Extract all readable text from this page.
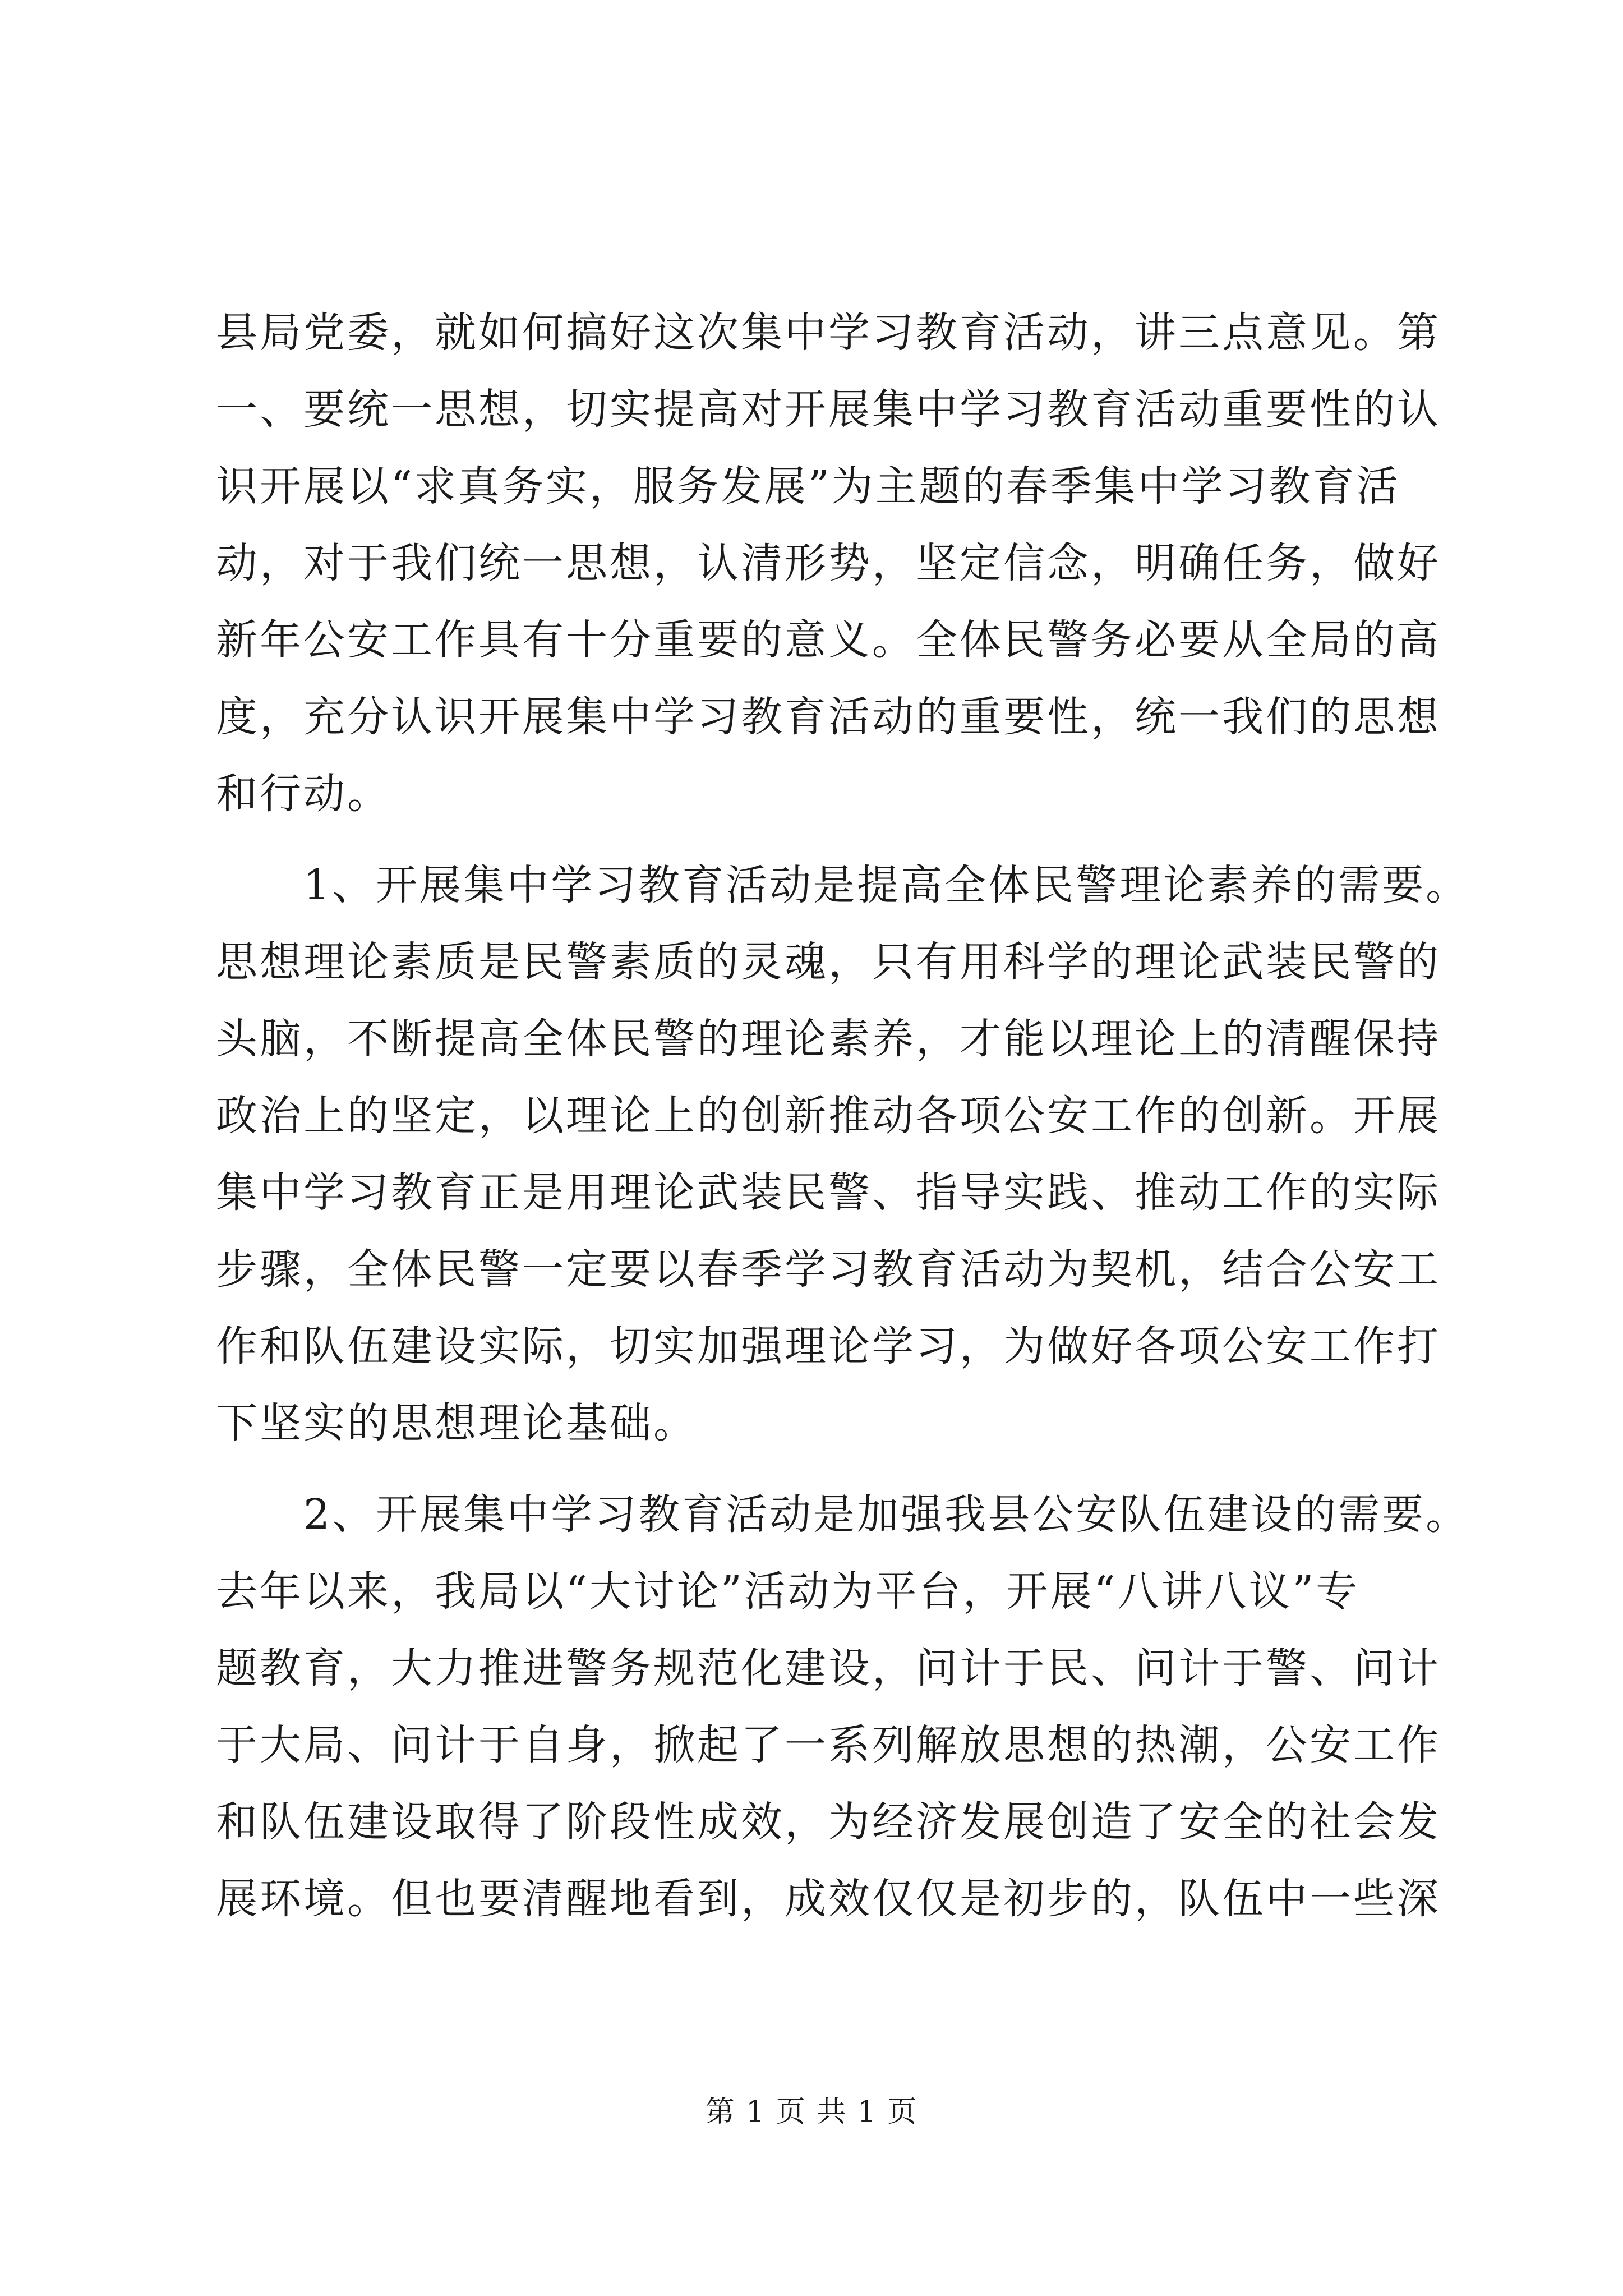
县局党委，就如何搞好这次集中学习教育活动，讲三点意见。第
一、要统一思想，切实提高对开展集中学习教育活动重要性的认
识开展以“求真务实，服务发展”为主题的春季集中学习教育活
动，对于我们统一思想，认清形势，坚定信念，明确任务，做好
新年公安工作具有十分重要的意义。全体民警务必要从全局的高
度，充分认识开展集中学习教育活动的重要性，统一我们的思想
和行动。
　　1、开展集中学习教育活动是提高全体民警理论素养的需要。
思想理论素质是民警素质的灵魂，只有用科学的理论武装民警的
头脑，不断提高全体民警的理论素养，才能以理论上的清醒保持
政治上的坚定，以理论上的创新推动各项公安工作的创新。开展
集中学习教育正是用理论武装民警、指导实践、推动工作的实际
步骤，全体民警一定要以春季学习教育活动为契机，结合公安工
作和队伍建设实际，切实加强理论学习，为做好各项公安工作打
下坚实的思想理论基础。
　　2、开展集中学习教育活动是加强我县公安队伍建设的需要。
去年以来，我局以“大讨论”活动为平台，开展“八讲八议”专
题教育，大力推进警务规范化建设，问计于民、问计于警、问计
于大局、问计于自身，掀起了一系列解放思想的热潮，公安工作
和队伍建设取得了阶段性成效，为经济发展创造了安全的社会发
展环境。但也要清醒地看到，成效仅仅是初步的，队伍中一些深
第 1 页 共 1 页
